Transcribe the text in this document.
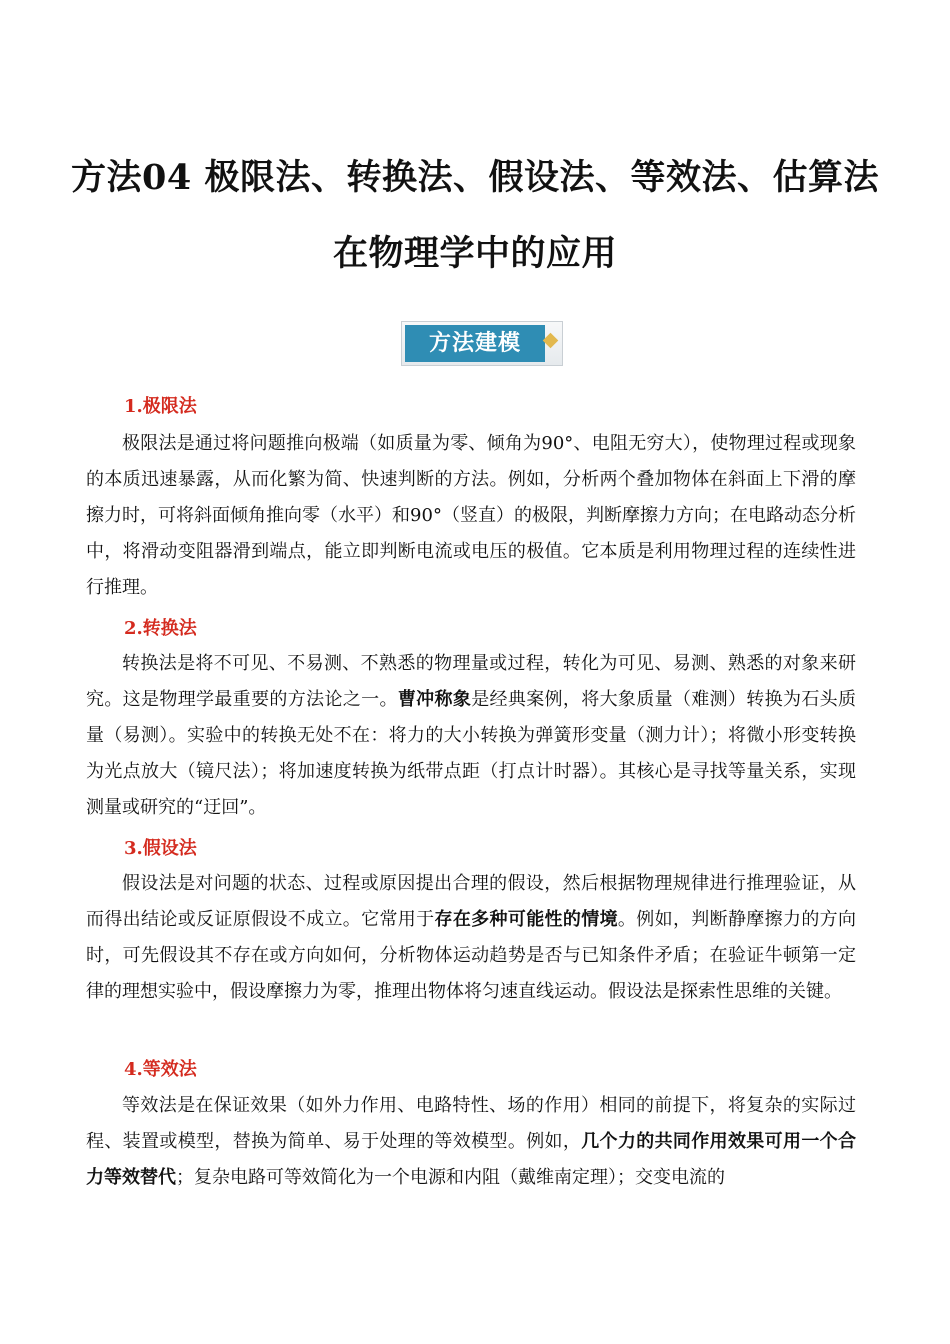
方法04 极限法、转换法、假设法、等效法、估算法在物理学中的应用
方法建模
1.极限法

极限法是通过将问题推向极端（如质量为零、倾角为90°、电阻无穷大），使物理过程或现象的本质迅速暴露，从而化繁为简、快速判断的方法。例如，分析两个叠加物体在斜面上下滑的摩擦力时，可将斜面倾角推向零（水平）和90°（竖直）的极限，判断摩擦力方向；在电路动态分析中，将滑动变阻器滑到端点，能立即判断电流或电压的极值。它本质是利用物理过程的连续性进行推理。

2.转换法

转换法是将不可见、不易测、不熟悉的物理量或过程，转化为可见、易测、熟悉的对象来研究。这是物理学最重要的方法论之一。曹冲称象是经典案例，将大象质量（难测）转换为石头质量（易测）。实验中的转换无处不在：将力的大小转换为弹簧形变量（测力计）；将微小形变转换为光点放大（镜尺法）；将加速度转换为纸带点距（打点计时器）。其核心是寻找等量关系，实现测量或研究的“迂回”。

3.假设法

假设法是对问题的状态、过程或原因提出合理的假设，然后根据物理规律进行推理验证，从而得出结论或反证原假设不成立。它常用于存在多种可能性的情境。例如，判断静摩擦力的方向时，可先假设其不存在或方向如何，分析物体运动趋势是否与已知条件矛盾；在验证牛顿第一定律的理想实验中，假设摩擦力为零，推理出物体将匀速直线运动。假设法是探索性思维的关键。

4.等效法

等效法是在保证效果（如外力作用、电路特性、场的作用）相同的前提下，将复杂的实际过程、装置或模型，替换为简单、易于处理的等效模型。例如，几个力的共同作用效果可用一个合力等效替代；复杂电路可等效简化为一个电源和内阻（戴维南定理）；交变电流的
